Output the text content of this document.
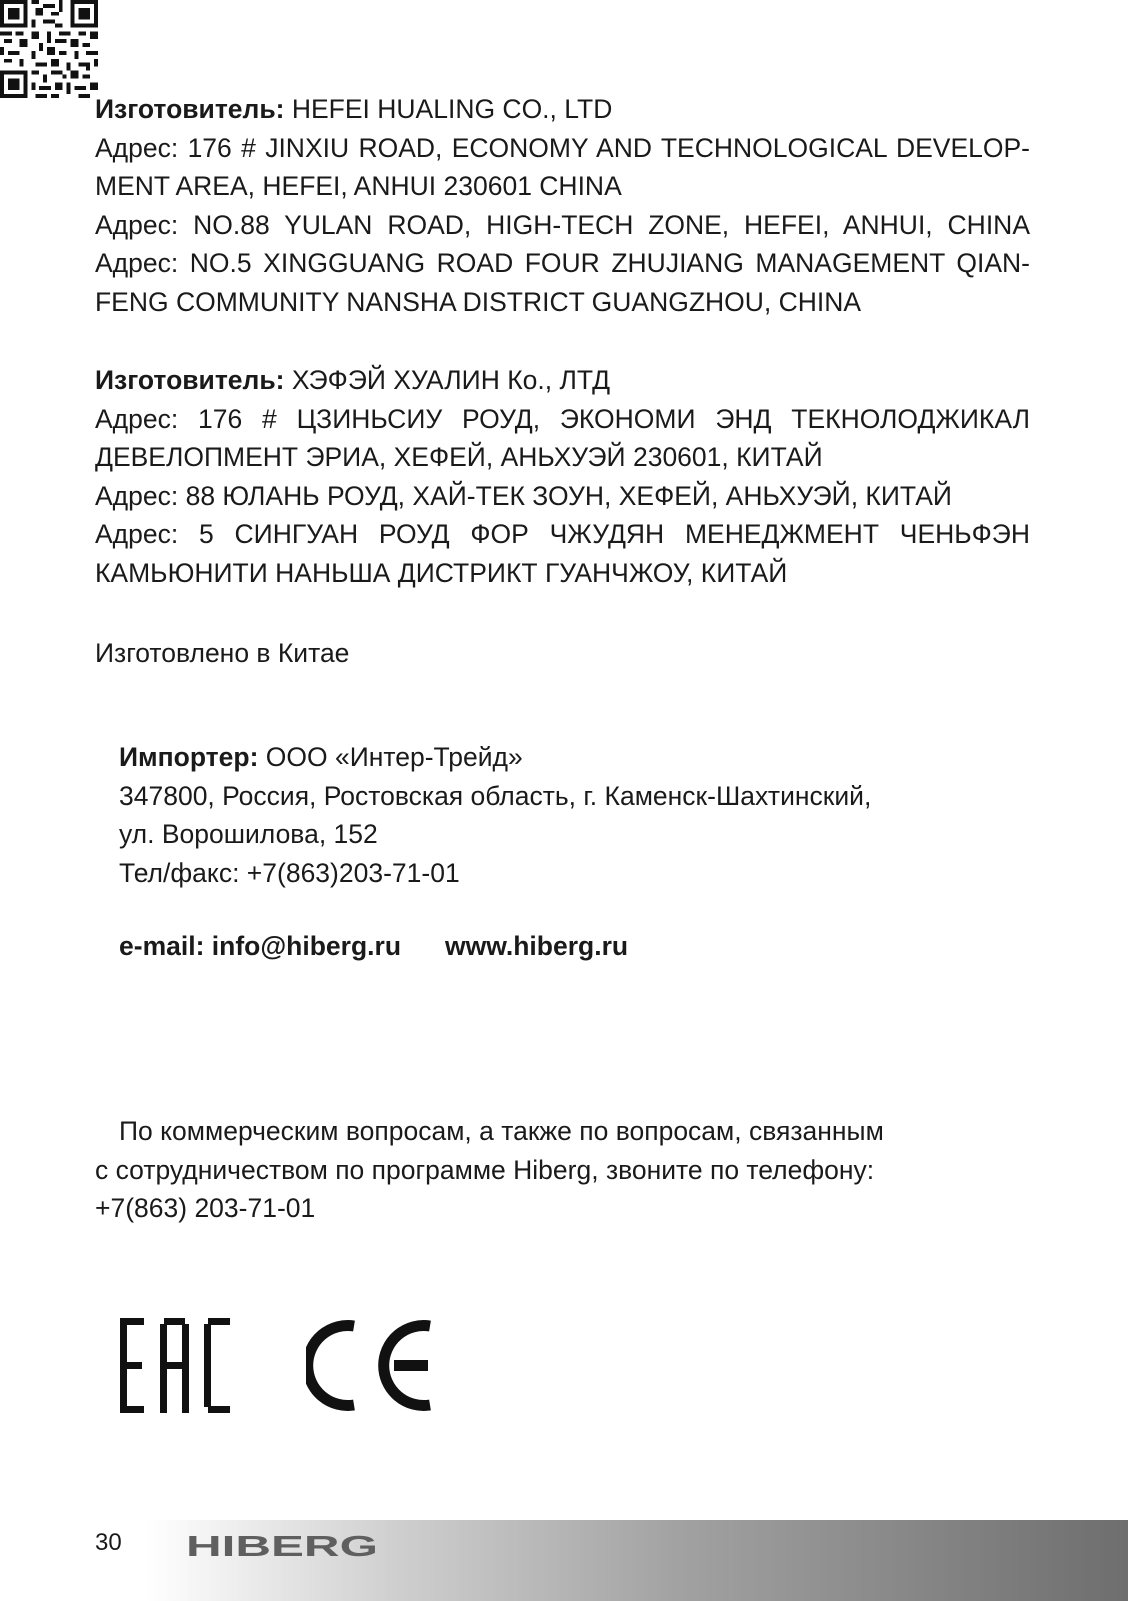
Изготовитель: HEFEI HUALING CO., LTD
Адрес: 176 # JINXIU ROAD, ECONOMY AND TECHNOLOGICAL DEVELOP-
MENT AREA, HEFEI, ANHUI 230601 CHINA
Адрес: NO.88 YULAN ROAD, HIGH-TECH ZONE, HEFEI, ANHUI, CHINA
Адрес: NO.5 XINGGUANG ROAD FOUR ZHUJIANG MANAGEMENT QIAN-
FENG COMMUNITY NANSHA DISTRICT GUANGZHOU, CHINA
Изготовитель: ХЭФЭЙ ХУАЛИН Ко., ЛТД
Адрес: 176 # ЦЗИНЬСИУ РОУД, ЭКОНОМИ ЭНД ТЕКНОЛОДЖИКАЛ
ДЕВЕЛОПМЕНТ ЭРИА, ХЕФЕЙ, АНЬХУЭЙ 230601, КИТАЙ
Адрес: 88 ЮЛАНЬ РОУД, ХАЙ-ТЕК ЗОУН, ХЕФЕЙ, АНЬХУЭЙ, КИТАЙ
Адрес: 5 СИНГУАН РОУД ФОР ЧЖУДЯН МЕНЕДЖМЕНТ ЧЕНЬФЭН
КАМЬЮНИТИ НАНЬША ДИСТРИКТ ГУАНЧЖОУ, КИТАЙ
Изготовлено в Китае
Импортер: ООО «Интер-Трейд»
347800, Россия, Ростовская область, г. Каменск-Шахтинский,
ул. Ворошилова, 152
Тел/факс: +7(863)203-71-01
e-mail: info@hiberg.ru www.hiberg.ru
По коммерческим вопросам, а также по вопросам, связанным
с сотрудничеством по программе Hiberg, звоните по телефону:
+7(863) 203-71-01
30 HIBERG
